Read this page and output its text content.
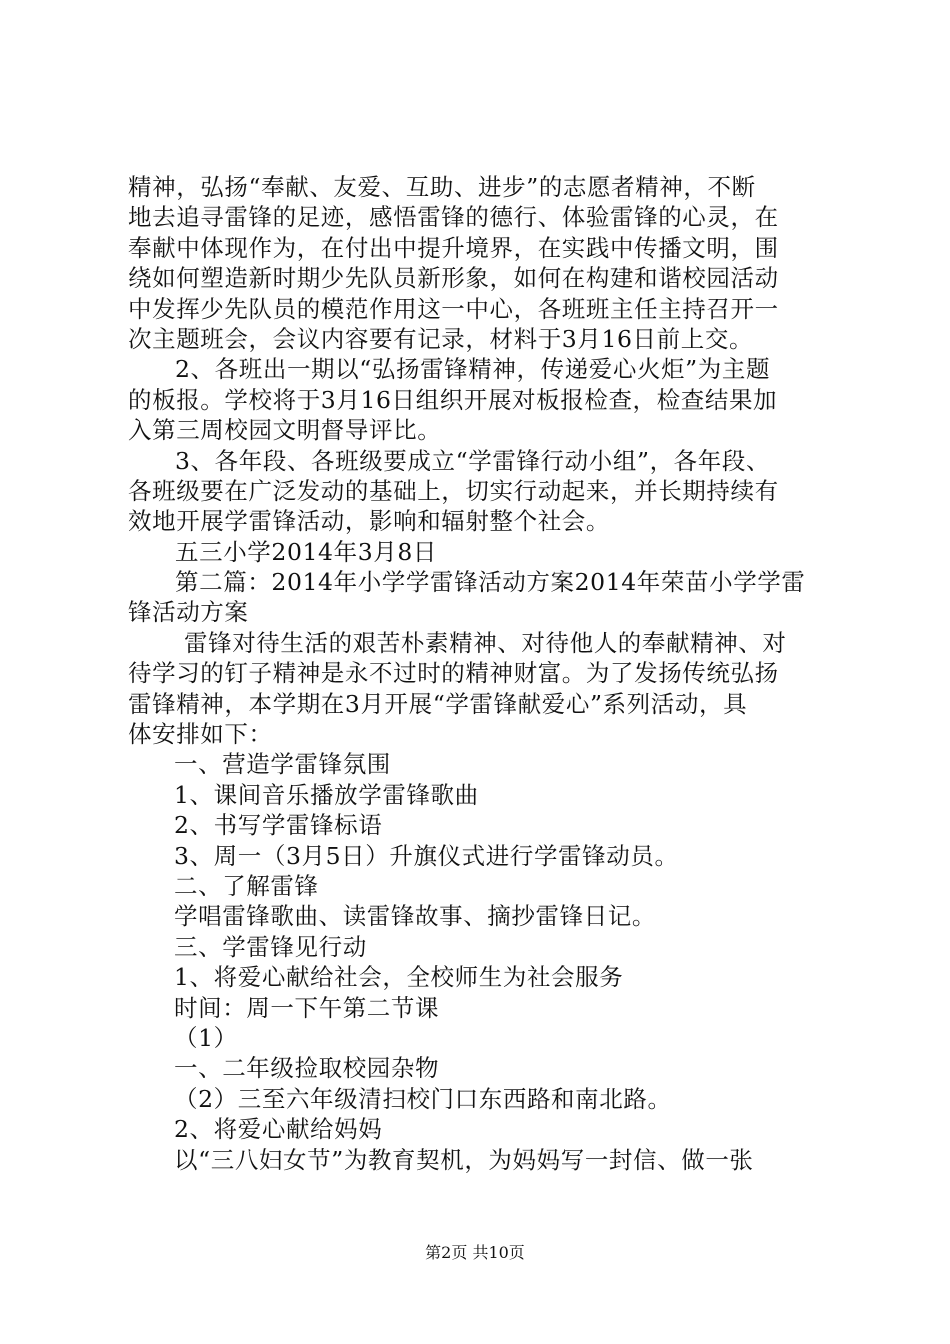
精神，弘扬“奉献、友爱、互助、进步”的志愿者精神，不断
地去追寻雷锋的足迹，感悟雷锋的德行、体验雷锋的心灵，在
奉献中体现作为，在付出中提升境界，在实践中传播文明，围
绕如何塑造新时期少先队员新形象，如何在构建和谐校园活动
中发挥少先队员的模范作用这一中心，各班班主任主持召开一
次主题班会，会议内容要有记录，材料于3月16日前上交。
2、各班出一期以“弘扬雷锋精神，传递爱心火炬”为主题
的板报。学校将于3月16日组织开展对板报检查，检查结果加
入第三周校园文明督导评比。
3、各年段、各班级要成立“学雷锋行动小组”，各年段、
各班级要在广泛发动的基础上，切实行动起来，并长期持续有
效地开展学雷锋活动，影响和辐射整个社会。
五三小学2014年3月8日
第二篇：2014年小学学雷锋活动方案2014年荣苗小学学雷
锋活动方案
雷锋对待生活的艰苦朴素精神、对待他人的奉献精神、对
待学习的钉子精神是永不过时的精神财富。为了发扬传统弘扬
雷锋精神，本学期在3月开展“学雷锋献爱心”系列活动，具
体安排如下：
一、营造学雷锋氛围
1、课间音乐播放学雷锋歌曲
2、书写学雷锋标语
3、周一（3月5日）升旗仪式进行学雷锋动员。
二、了解雷锋
学唱雷锋歌曲、读雷锋故事、摘抄雷锋日记。
三、学雷锋见行动
1、将爱心献给社会，全校师生为社会服务
时间：周一下午第二节课
（1）
一、二年级捡取校园杂物
（2）三至六年级清扫校门口东西路和南北路。
2、将爱心献给妈妈
以“三八妇女节”为教育契机，为妈妈写一封信、做一张
第2页 共10页
